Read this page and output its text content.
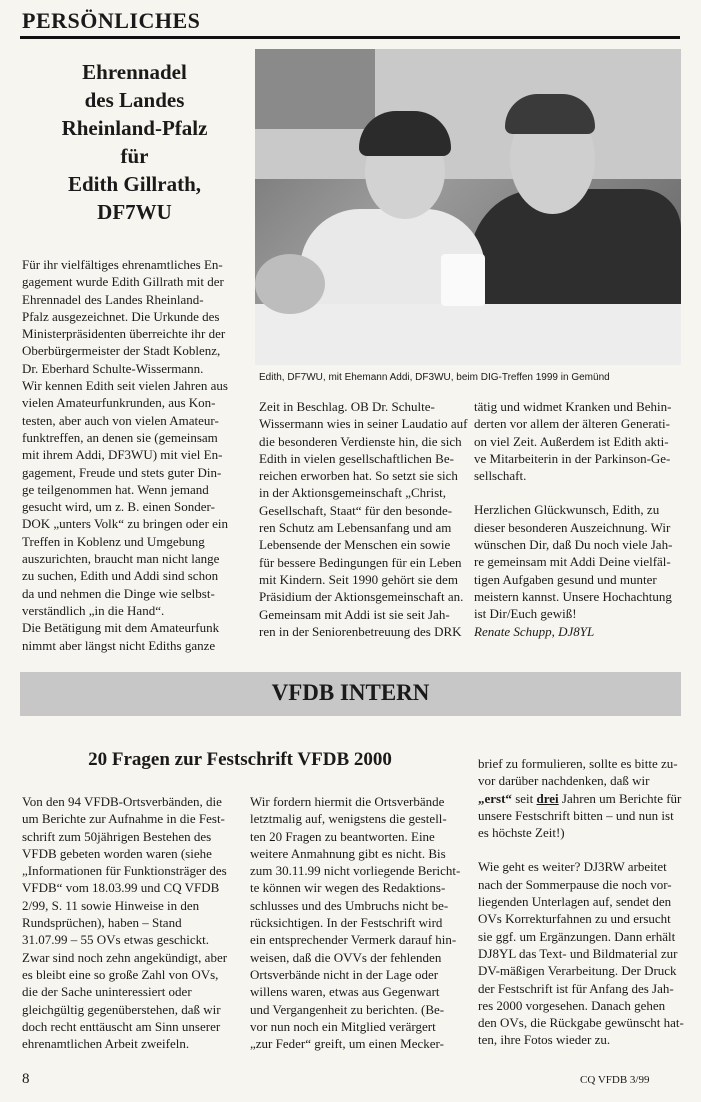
PERSÖNLICHES
Ehrennadel
des Landes
Rheinland-Pfalz
für
Edith Gillrath,
DF7WU
Edith, DF7WU, mit Ehemann Addi, DF3WU, beim DIG-Treffen 1999 in Gemünd
Für ihr vielfältiges ehrenamtliches En-
gagement wurde Edith Gillrath mit der
Ehrennadel des Landes Rheinland-
Pfalz ausgezeichnet. Die Urkunde des
Ministerpräsidenten überreichte ihr der
Oberbürgermeister der Stadt Koblenz,
Dr. Eberhard Schulte-Wissermann.
Wir kennen Edith seit vielen Jahren aus
vielen Amateurfunkrunden, aus Kon-
testen, aber auch von vielen Amateur-
funktreffen, an denen sie (gemeinsam
mit ihrem Addi, DF3WU) mit viel En-
gagement, Freude und stets guter Din-
ge teilgenommen hat. Wenn jemand
gesucht wird, um z. B. einen Sonder-
DOK „unters Volk“ zu bringen oder ein
Treffen in Koblenz und Umgebung
auszurichten, braucht man nicht lange
zu suchen, Edith und Addi sind schon
da und nehmen die Dinge wie selbst-
verständlich „in die Hand“.
Die Betätigung mit dem Amateurfunk
nimmt aber längst nicht Ediths ganze
Zeit in Beschlag. OB Dr. Schulte-
Wissermann wies in seiner Laudatio auf
die besonderen Verdienste hin, die sich
Edith in vielen gesellschaftlichen Be-
reichen erworben hat. So setzt sie sich
in der Aktionsgemeinschaft „Christ,
Gesellschaft, Staat“ für den besonde-
ren Schutz am Lebensanfang und am
Lebensende der Menschen ein sowie
für bessere Bedingungen für ein Leben
mit Kindern. Seit 1990 gehört sie dem
Präsidium der Aktionsgemeinschaft an.
Gemeinsam mit Addi ist sie seit Jah-
ren in der Seniorenbetreuung des DRK
tätig und widmet Kranken und Behin-
derten vor allem der älteren Generati-
on viel Zeit. Außerdem ist Edith akti-
ve Mitarbeiterin in der Parkinson-Ge-
sellschaft.
Herzlichen Glückwunsch, Edith, zu
dieser besonderen Auszeichnung. Wir
wünschen Dir, daß Du noch viele Jah-
re gemeinsam mit Addi Deine vielfäl-
tigen Aufgaben gesund und munter
meistern kannst. Unsere Hochachtung
ist Dir/Euch gewiß!
Renate Schupp, DJ8YL
VFDB INTERN
20 Fragen zur Festschrift VFDB 2000
Von den 94 VFDB-Ortsverbänden, die
um Berichte zur Aufnahme in die Fest-
schrift zum 50jährigen Bestehen des
VFDB gebeten worden waren (siehe
„Informationen für Funktionsträger des
VFDB“ vom 18.03.99 und CQ VFDB
2/99, S. 11 sowie Hinweise in den
Rundsprüchen), haben – Stand
31.07.99 – 55 OVs etwas geschickt.
Zwar sind noch zehn angekündigt, aber
es bleibt eine so große Zahl von OVs,
die der Sache uninteressiert oder
gleichgültig gegenüberstehen, daß wir
doch recht enttäuscht am Sinn unserer
ehrenamtlichen Arbeit zweifeln.
Wir fordern hiermit die Ortsverbände
letztmalig auf, wenigstens die gestell-
ten 20 Fragen zu beantworten. Eine
weitere Anmahnung gibt es nicht. Bis
zum 30.11.99 nicht vorliegende Bericht-
te können wir wegen des Redaktions-
schlusses und des Umbruchs nicht be-
rücksichtigen. In der Festschrift wird
ein entsprechender Vermerk darauf hin-
weisen, daß die OVVs der fehlenden
Ortsverbände nicht in der Lage oder
willens waren, etwas aus Gegenwart
und Vergangenheit zu berichten. (Be-
vor nun noch ein Mitglied verärgert
„zur Feder“ greift, um einen Mecker-
brief zu formulieren, sollte es bitte zu-
vor darüber nachdenken, daß wir
„erst“ seit drei Jahren um Berichte für
unsere Festschrift bitten – und nun ist
es höchste Zeit!)
Wie geht es weiter? DJ3RW arbeitet
nach der Sommerpause die noch vor-
liegenden Unterlagen auf, sendet den
OVs Korrekturfahnen zu und ersucht
sie ggf. um Ergänzungen. Dann erhält
DJ8YL das Text- und Bildmaterial zur
DV-mäßigen Verarbeitung. Der Druck
der Festschrift ist für Anfang des Jah-
res 2000 vorgesehen. Danach gehen
den OVs, die Rückgabe gewünscht hat-
ten, ihre Fotos wieder zu.
8	CQ VFDB 3/99
